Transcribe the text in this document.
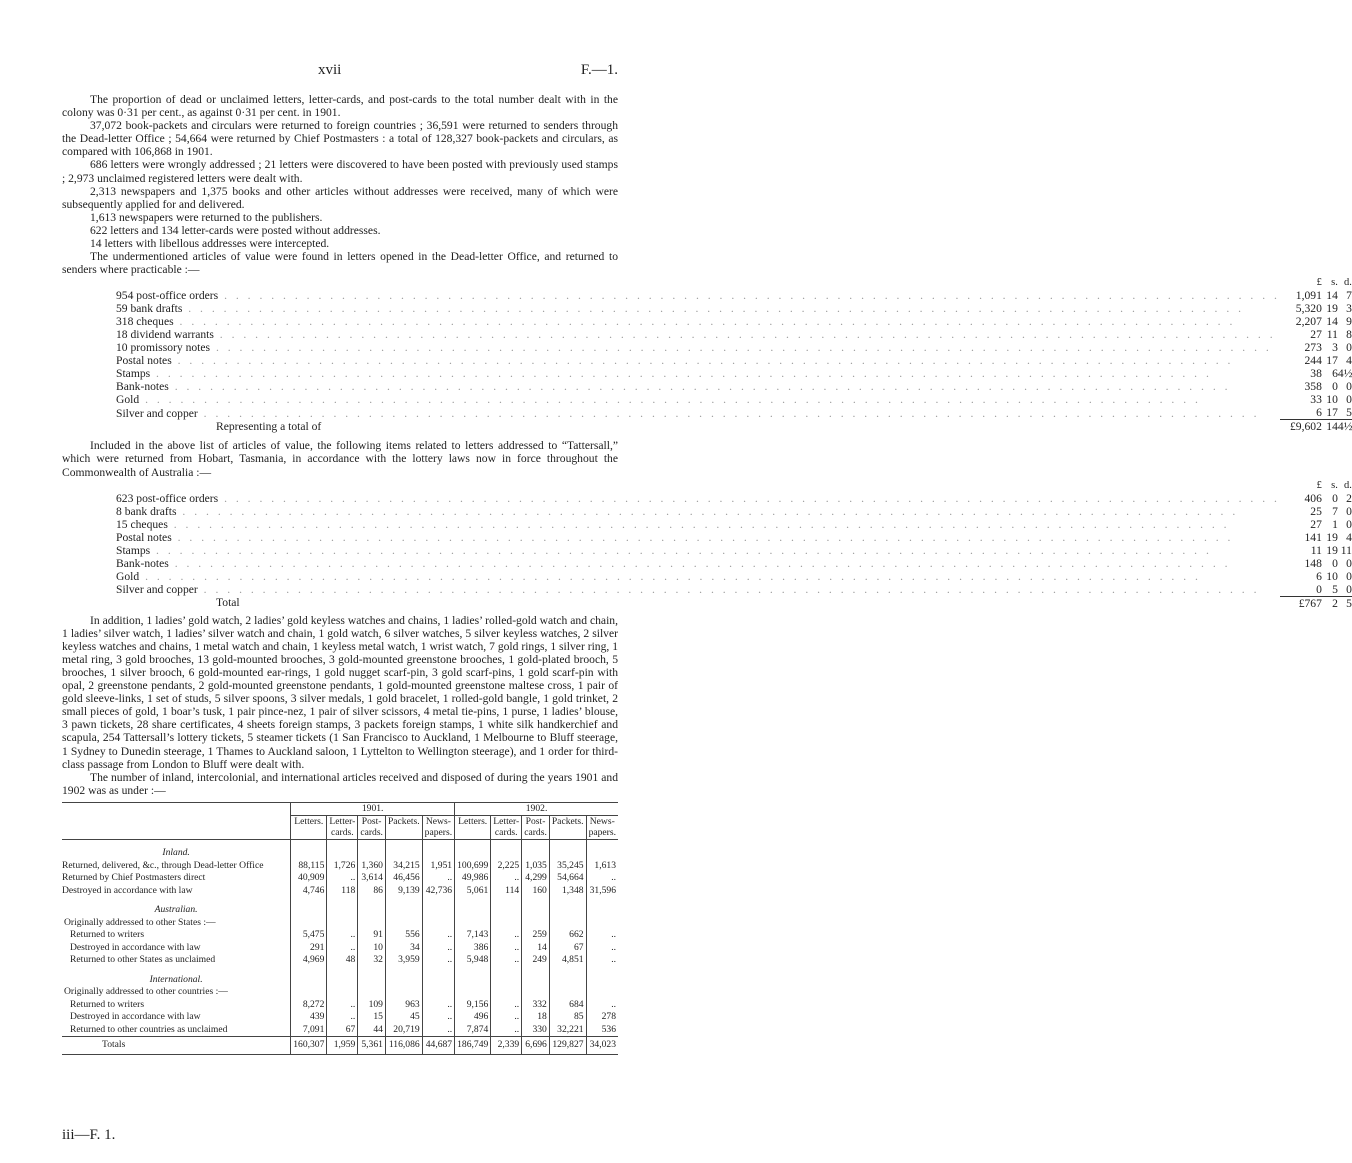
xvii	F.—1.

The proportion of dead or unclaimed letters, letter-cards, and post-cards to the total number dealt with in the colony was 0·31 per cent., as against 0·31 per cent. in 1901.

37,072 book-packets and circulars were returned to foreign countries ; 36,591 were returned to senders through the Dead-letter Office ; 54,664 were returned by Chief Postmasters : a total of 128,327 book-packets and circulars, as compared with 106,868 in 1901.

686 letters were wrongly addressed ; 21 letters were discovered to have been posted with previously used stamps ; 2,973 unclaimed registered letters were dealt with.

2,313 newspapers and 1,375 books and other articles without addresses were received, many of which were subsequently applied for and delivered.

1,613 newspapers were returned to the publishers.

622 letters and 134 letter-cards were posted without addresses.

14 letters with libellous addresses were intercepted.

The undermentioned articles of value were found in letters opened in the Dead-letter Office, and returned to senders where practicable :—

	£ s. d.

954 post-office orders . . .	1,091 14 7

59 bank drafts . . .	5,320 19 3

318 cheques . . .	2,207 14 9

18 dividend warrants . . .	27 11 8

10 promissory notes . . .	273 3 0

Postal notes . . .	244 17 4

Stamps . . .	38 6 4½

Bank-notes . . .	358 0 0

Gold . . .	33 10 0

Silver and copper . . .	6 17 5

Representing a total of	£9,602 14 4½

Included in the above list of articles of value, the following items related to letters addressed to “Tattersall,” which were returned from Hobart, Tasmania, in accordance with the lottery laws now in force throughout the Commonwealth of Australia :—

	£ s. d.

623 post-office orders . . .	406 0 2

8 bank drafts . . .	25 7 0

15 cheques . . .	27 1 0

Postal notes . . .	141 19 4

Stamps . . .	11 19 11

Bank-notes . . .	148 0 0

Gold . . .	6 10 0

Silver and copper . . .	0 5 0

Total	£767 2 5

In addition, 1 ladies’ gold watch, 2 ladies’ gold keyless watches and chains, 1 ladies’ rolled-gold watch and chain, 1 ladies’ silver watch, 1 ladies’ silver watch and chain, 1 gold watch, 6 silver watches, 5 silver keyless watches, 2 silver keyless watches and chains, 1 metal watch and chain, 1 keyless metal watch, 1 wrist watch, 7 gold rings, 1 silver ring, 1 metal ring, 3 gold brooches, 13 gold-mounted brooches, 3 gold-mounted greenstone brooches, 1 gold-plated brooch, 5 brooches, 1 silver brooch, 6 gold-mounted ear-rings, 1 gold nugget scarf-pin, 3 gold scarf-pins, 1 gold scarf-pin with opal, 2 greenstone pendants, 2 gold-mounted greenstone pendants, 1 gold-mounted greenstone maltese cross, 1 pair of gold sleeve-links, 1 set of studs, 5 silver spoons, 3 silver medals, 1 gold bracelet, 1 rolled-gold bangle, 1 gold trinket, 2 small pieces of gold, 1 boar’s tusk, 1 pair pince-nez, 1 pair of silver scissors, 4 metal tie-pins, 1 purse, 1 ladies’ blouse, 3 pawn tickets, 28 share certificates, 4 sheets foreign stamps, 3 packets foreign stamps, 1 white silk handkerchief and scapula, 254 Tattersall’s lottery tickets, 5 steamer tickets (1 San Francisco to Auckland, 1 Melbourne to Bluff steerage, 1 Sydney to Dunedin steerage, 1 Thames to Auckland saloon, 1 Lyttelton to Wellington steerage), and 1 order for third-class passage from London to Bluff were dealt with.

The number of inland, intercolonial, and international articles received and disposed of during the years 1901 and 1902 was as under :—

	1901.					1902.				
	Letters.	Letter-cards.	Post-cards.	Packets.	News-papers.	Letters.	Letter-cards.	Post-cards.	Packets.	News-papers.
Inland.										
Returned, delivered, &c., through Dead-letter Office	88,115	1,726	1,360	34,215	1,951	100,699	2,225	1,035	35,245	1,613
Returned by Chief Postmasters direct	40,909	..	3,614	46,456	..	49,986	..	4,299	54,664	..
Destroyed in accordance with law	4,746	118	86	9,139	42,736	5,061	114	160	1,348	31,596
Australian.										
Originally addressed to other States :—										
Returned to writers	5,475	..	91	556	..	7,143	..	259	662	..
Destroyed in accordance with law	291	..	10	34	..	386	..	14	67	..
Returned to other States as unclaimed	4,969	48	32	3,959	..	5,948	..	249	4,851	..
International.										
Originally addressed to other countries :—										
Returned to writers	8,272	..	109	963	..	9,156	..	332	684	..
Destroyed in accordance with law	439	..	15	45	..	496	..	18	85	278
Returned to other countries as unclaimed	7,091	67	44	20,719	..	7,874	..	330	32,221	536
Totals	160,307	1,959	5,361	116,086	44,687	186,749	2,339	6,696	129,827	34,023
iii—F. 1.
